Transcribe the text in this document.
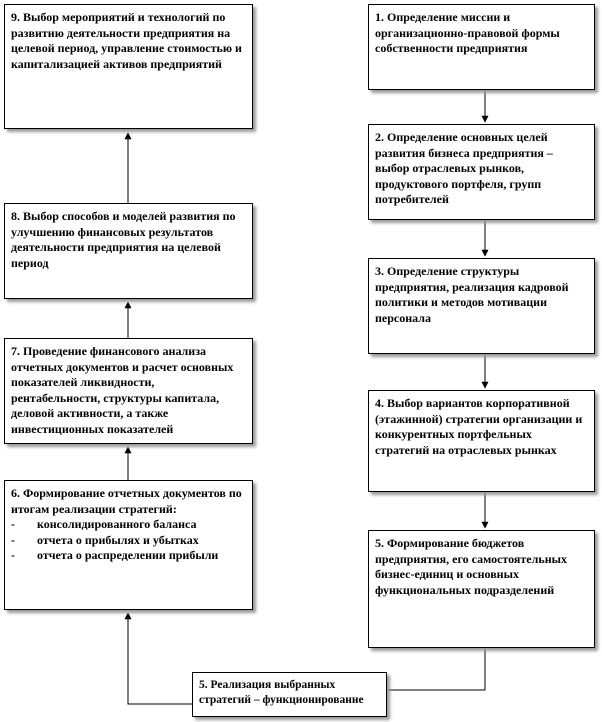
9. Выбор мероприятий и технологий по развитию деятельности предприятия на целевой период, управление стоимостью и капитализацией активов предприятий
8. Выбор способов и моделей развития по улучшению финансовых результатов деятельности предприятия на целевой период
7. Проведение финансового анализа отчетных документов и расчет основных показателей ликвидности, рентабельности, структуры капитала, деловой активности, а также инвестиционных показателей
6. Формирование отчетных документов по итогам реализации стратегий:
- консолидированного баланса
- отчета о прибылях и убытках
- отчета о распределении прибыли
1. Определение миссии и организационно-правовой формы собственности предприятия
2. Определение основных целей развития бизнеса предприятия – выбор отраслевых рынков, продуктового портфеля, групп потребителей
3. Определение структуры предприятия, реализация кадровой политики и методов мотивации персонала
4. Выбор вариантов корпоративной (этажинной) стратегии организации и конкурентных портфельных стратегий на отраслевых рынках
5. Формирование бюджетов предприятия, его самостоятельных бизнес-единиц и основных функциональных подразделений
5. Реализация выбранных стратегий – функционирование
